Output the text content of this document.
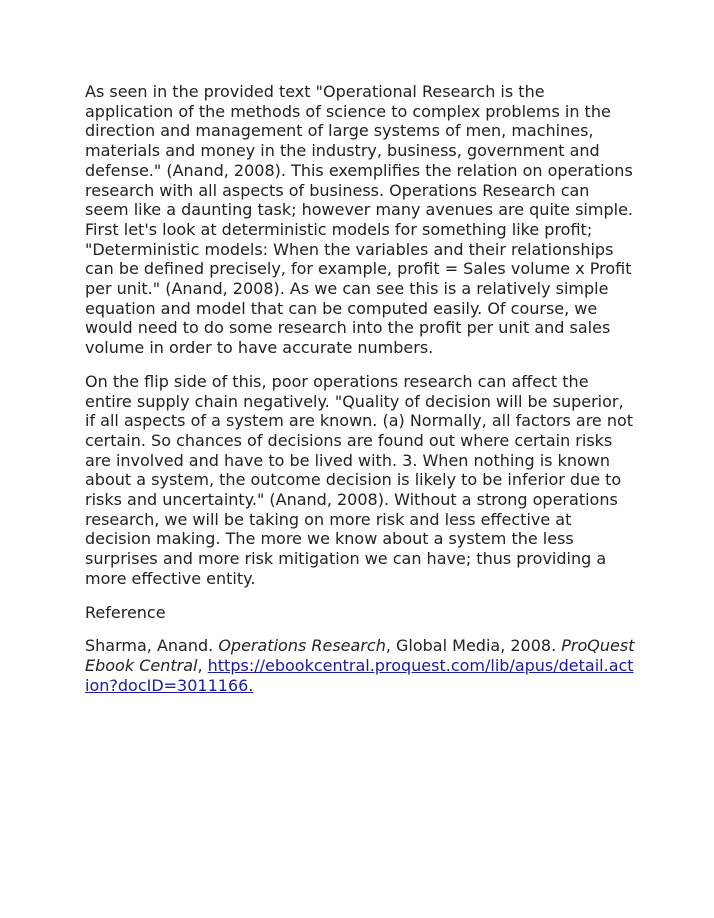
As seen in the provided text "Operational Research is the application of the methods of science to complex problems in the direction and management of large systems of men, machines, materials and money in the industry, business, government and defense." (Anand, 2008). This exemplifies the relation on operations research with all aspects of business. Operations Research can seem like a daunting task; however many avenues are quite simple. First let's look at deterministic models for something like profit; "Deterministic models: When the variables and their relationships can be defined precisely, for example, profit = Sales volume x Profit per unit." (Anand, 2008). As we can see this is a relatively simple equation and model that can be computed easily. Of course, we would need to do some research into the profit per unit and sales volume in order to have accurate numbers.

On the flip side of this, poor operations research can affect the entire supply chain negatively. "Quality of decision will be superior, if all aspects of a system are known. (a) Normally, all factors are not certain. So chances of decisions are found out where certain risks are involved and have to be lived with. 3. When nothing is known about a system, the outcome decision is likely to be inferior due to risks and uncertainty." (Anand, 2008). Without a strong operations research, we will be taking on more risk and less effective at decision making. The more we know about a system the less surprises and more risk mitigation we can have; thus providing a more effective entity.

Reference

Sharma, Anand. Operations Research, Global Media, 2008. ProQuest Ebook Central, https://ebookcentral.proquest.com/lib/apus/detail.action?docID=3011166.
